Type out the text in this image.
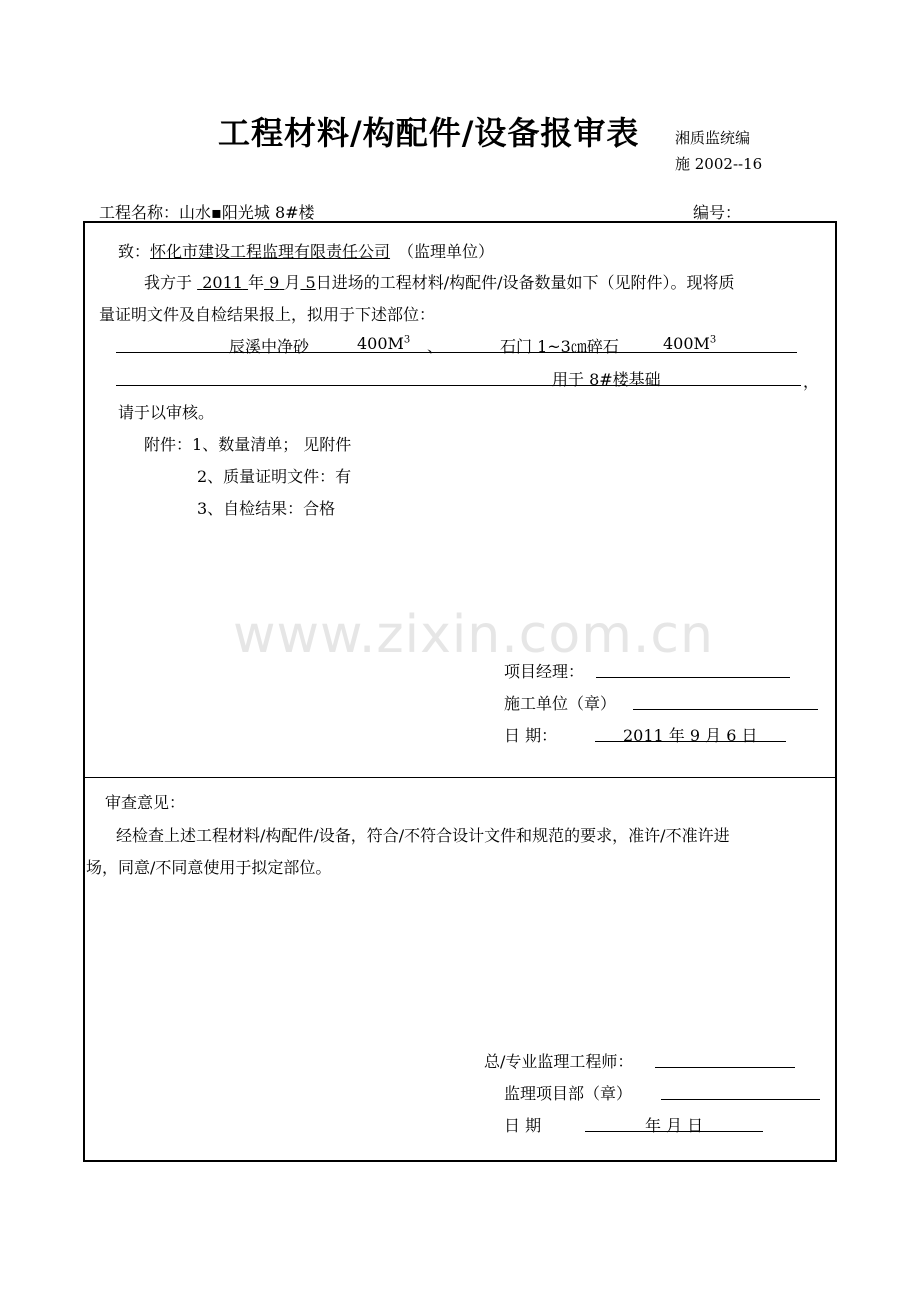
工程材料/构配件/设备报审表 湘质监统编
施 2002--16
工程名称：山水▪阳光城 8#楼	编号：
致：怀化市建设工程监理有限责任公司 （监理单位）
我方于 2011 年 9 月 5日进场的工程材料/构配件/设备数量如下（见附件）。现将质
量证明文件及自检结果报上，拟用于下述部位：
辰溪中净砂	$400M^3$ 、	石门 1~3㎝碎石	$400M^3$
用于 8#楼基础	，
请于以审核。
附件：1、数量清单； 见附件
2、质量证明文件：有
3、自检结果：合格
www.zixin.com.cn
项目经理：
施工单位（章）
日 期：	2011 年 9 月 6 日
审查意见：
经检查上述工程材料/构配件/设备，符合/不符合设计文件和规范的要求，准许/不准许进
场，同意/不同意使用于拟定部位。
总/专业监理工程师：
监理项目部（章）
日 期	年 月 日
